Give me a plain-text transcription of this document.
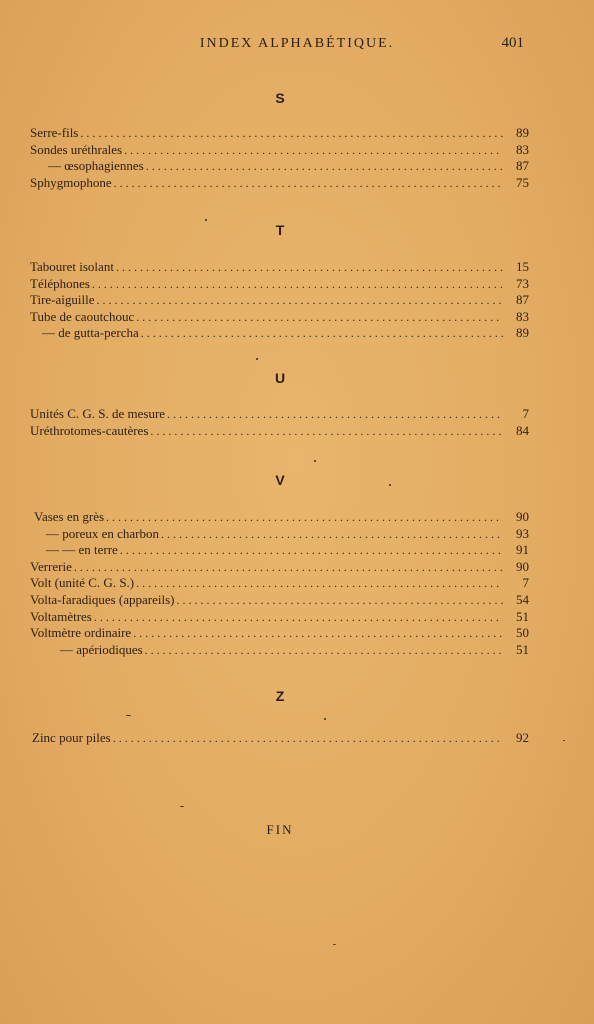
INDEX ALPHABÉTIQUE.	401
S
Serre-fils . . .	89
Sondes uréthrales . . .	83
— œsophagiennes . . .	87
Sphygmophone . . .	75
T
Tabouret isolant . . .	15
Téléphones . . .	73
Tire-aiguille . . .	87
Tube de caoutchouc . . .	83
— de gutta-percha . . .	89
U
Unités C. G. S. de mesure . . .	7
Uréthrotomes-cautères . . .	84
V
Vases en grès . . .	90
— poreux en charbon . . .	93
— — en terre . . .	91
Verrerie . . .	90
Volt (unité C. G. S.) . . .	7
Volta-faradiques (appareils) . . .	54
Voltamètres . . .	51
Voltmètre ordinaire . . .	50
— apériodiques . . .	51
Z
Zinc pour piles . . .	92
FIN
